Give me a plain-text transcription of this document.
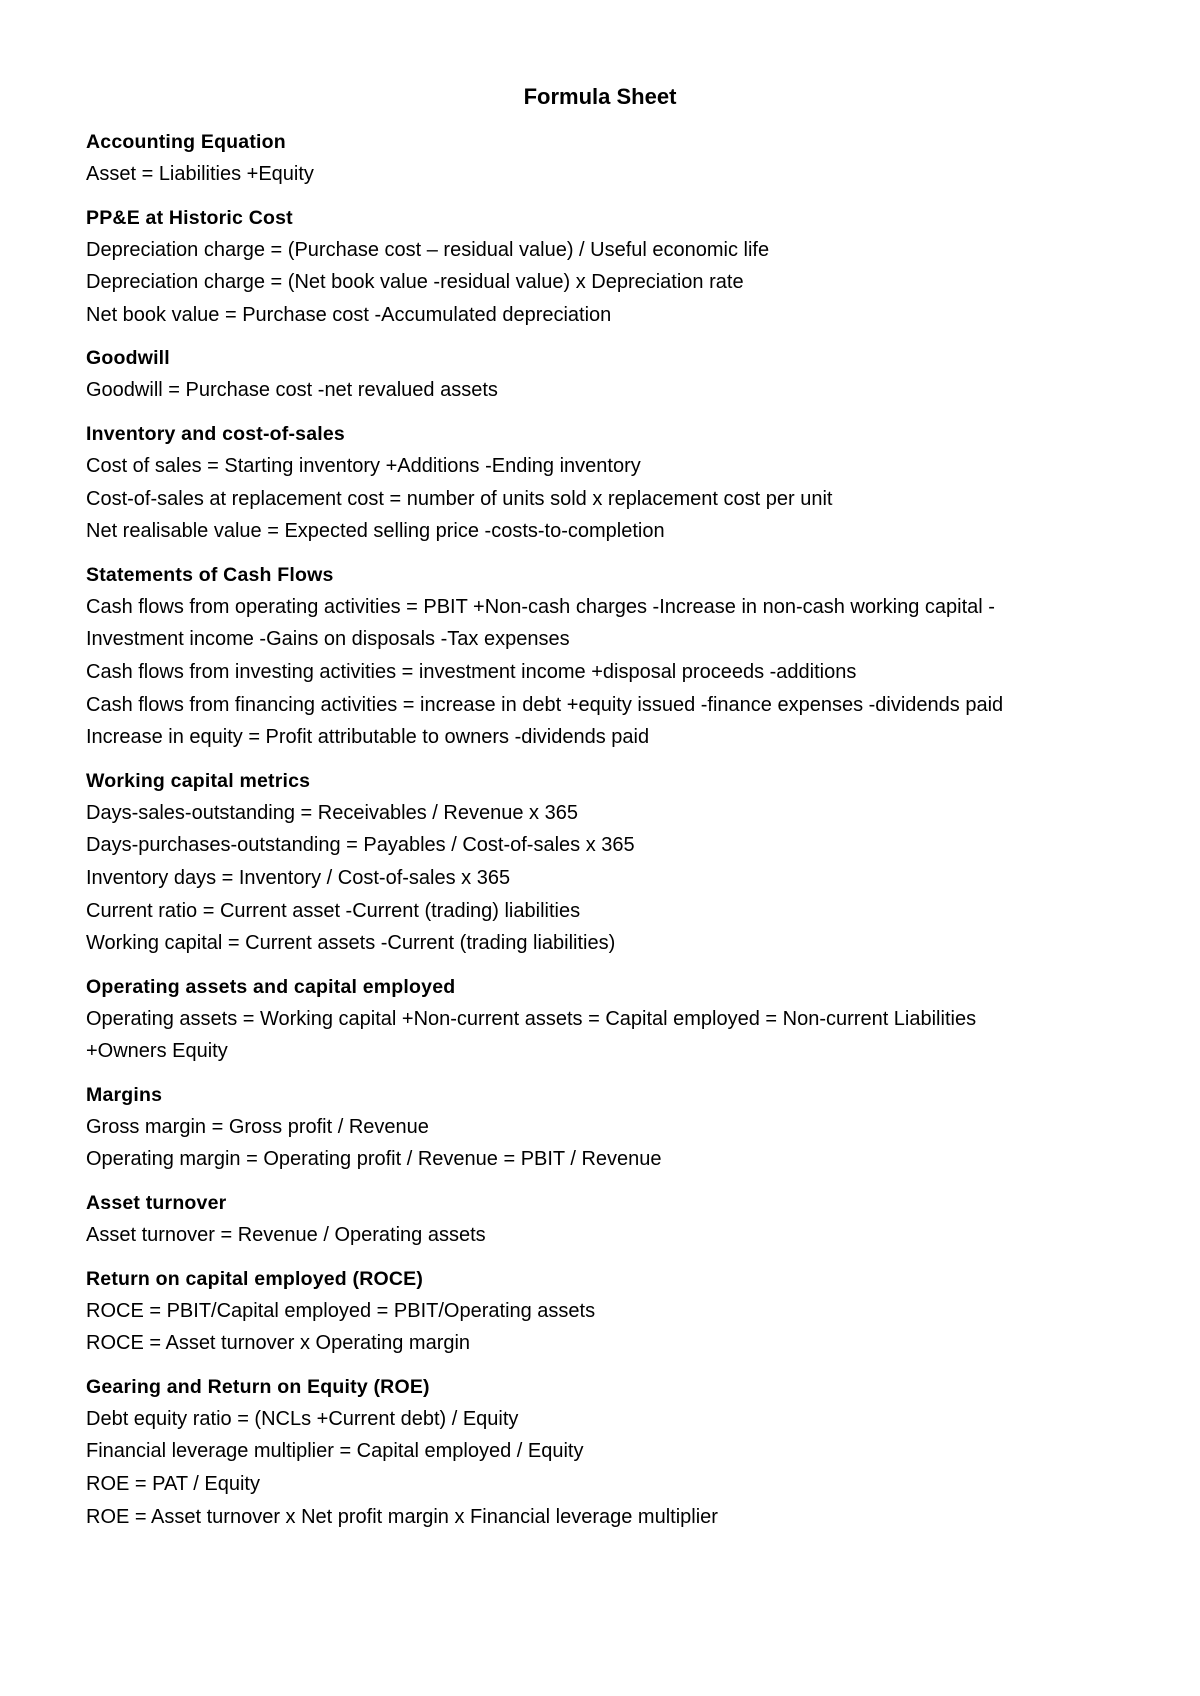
Formula Sheet
Accounting Equation
Asset = Liabilities +Equity
PP&E at Historic Cost
Depreciation charge = (Purchase cost – residual value) / Useful economic life
Depreciation charge = (Net book value -residual value) x Depreciation rate
Net book value = Purchase cost -Accumulated depreciation
Goodwill
Goodwill = Purchase cost -net revalued assets
Inventory and cost-of-sales
Cost of sales = Starting inventory +Additions -Ending inventory
Cost-of-sales at replacement cost = number of units sold x replacement cost per unit
Net realisable value = Expected selling price -costs-to-completion
Statements of Cash Flows
Cash flows from operating activities = PBIT +Non-cash charges -Increase in non-cash working capital -
Investment income -Gains on disposals -Tax expenses
Cash flows from investing activities = investment income +disposal proceeds -additions
Cash flows from financing activities = increase in debt +equity issued -finance expenses -dividends paid
Increase in equity = Profit attributable to owners -dividends paid
Working capital metrics
Days-sales-outstanding = Receivables / Revenue x 365
Days-purchases-outstanding = Payables / Cost-of-sales x 365
Inventory days = Inventory / Cost-of-sales x 365
Current ratio = Current asset -Current (trading) liabilities
Working capital = Current assets -Current (trading liabilities)
Operating assets and capital employed
Operating assets = Working capital +Non-current assets = Capital employed = Non-current Liabilities
+Owners Equity
Margins
Gross margin = Gross profit / Revenue
Operating margin = Operating profit / Revenue = PBIT / Revenue
Asset turnover
Asset turnover = Revenue / Operating assets
Return on capital employed (ROCE)
ROCE = PBIT/Capital employed = PBIT/Operating assets
ROCE = Asset turnover x Operating margin
Gearing and Return on Equity (ROE)
Debt equity ratio = (NCLs +Current debt) / Equity
Financial leverage multiplier = Capital employed / Equity
ROE = PAT / Equity
ROE = Asset turnover x Net profit margin x Financial leverage multiplier
